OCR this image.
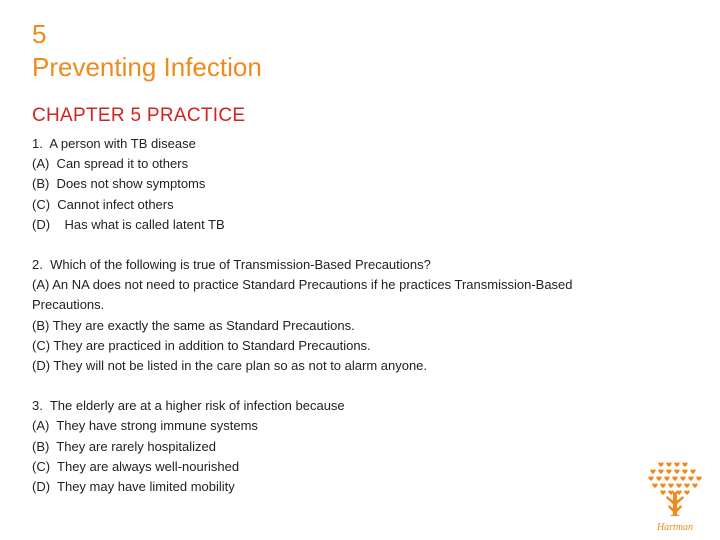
5
Preventing Infection
CHAPTER 5 PRACTICE
1.  A person with TB disease
(A)  Can spread it to others
(B)  Does not show symptoms
(C)  Cannot infect others
(D)    Has what is called latent TB
2.  Which of the following is true of Transmission-Based Precautions?
(A) An NA does not need to practice Standard Precautions if he practices Transmission-Based Precautions.
(B) They are exactly the same as Standard Precautions.
(C) They are practiced in addition to Standard Precautions.
(D) They will not be listed in the care plan so as not to alarm anyone.
3.  The elderly are at a higher risk of infection because
(A)  They have strong immune systems
(B)  They are rarely hospitalized
(C)  They are always well-nourished
(D)  They may have limited mobility
Hartman
